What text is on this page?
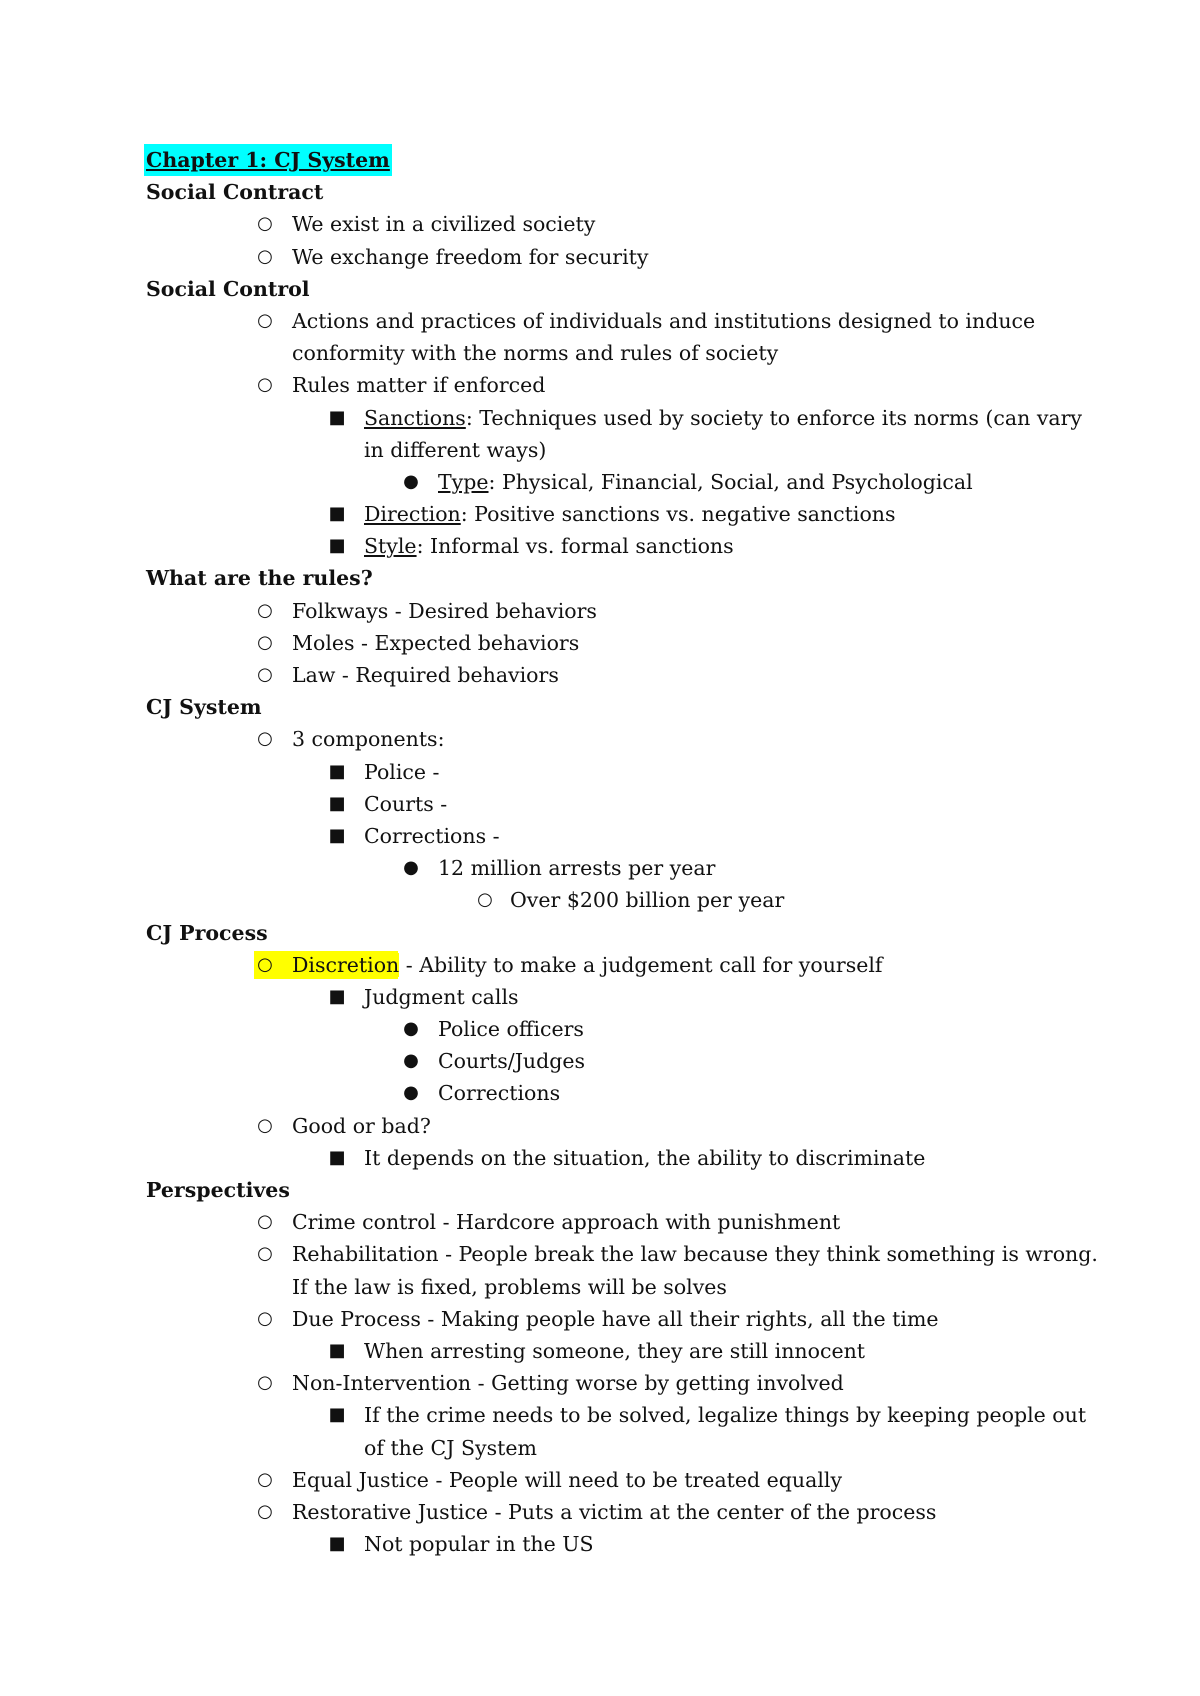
Chapter 1: CJ System
Social Contract
○ We exist in a civilized society
○ We exchange freedom for security
Social Control
○ Actions and practices of individuals and institutions designed to induce
conformity with the norms and rules of society
○ Rules matter if enforced
■ Sanctions: Techniques used by society to enforce its norms (can vary
in different ways)
● Type: Physical, Financial, Social, and Psychological
■ Direction: Positive sanctions vs. negative sanctions
■ Style: Informal vs. formal sanctions
What are the rules?
○ Folkways - Desired behaviors
○ Moles - Expected behaviors
○ Law - Required behaviors
CJ System
○ 3 components:
■ Police -
■ Courts -
■ Corrections -
● 12 million arrests per year
○ Over $200 billion per year
CJ Process
○ Discretion - Ability to make a judgement call for yourself
■ Judgment calls
● Police officers
● Courts/Judges
● Corrections
○ Good or bad?
■ It depends on the situation, the ability to discriminate
Perspectives
○ Crime control - Hardcore approach with punishment
○ Rehabilitation - People break the law because they think something is wrong.
If the law is fixed, problems will be solves
○ Due Process - Making people have all their rights, all the time
■ When arresting someone, they are still innocent
○ Non-Intervention - Getting worse by getting involved
■ If the crime needs to be solved, legalize things by keeping people out
of the CJ System
○ Equal Justice - People will need to be treated equally
○ Restorative Justice - Puts a victim at the center of the process
■ Not popular in the US
